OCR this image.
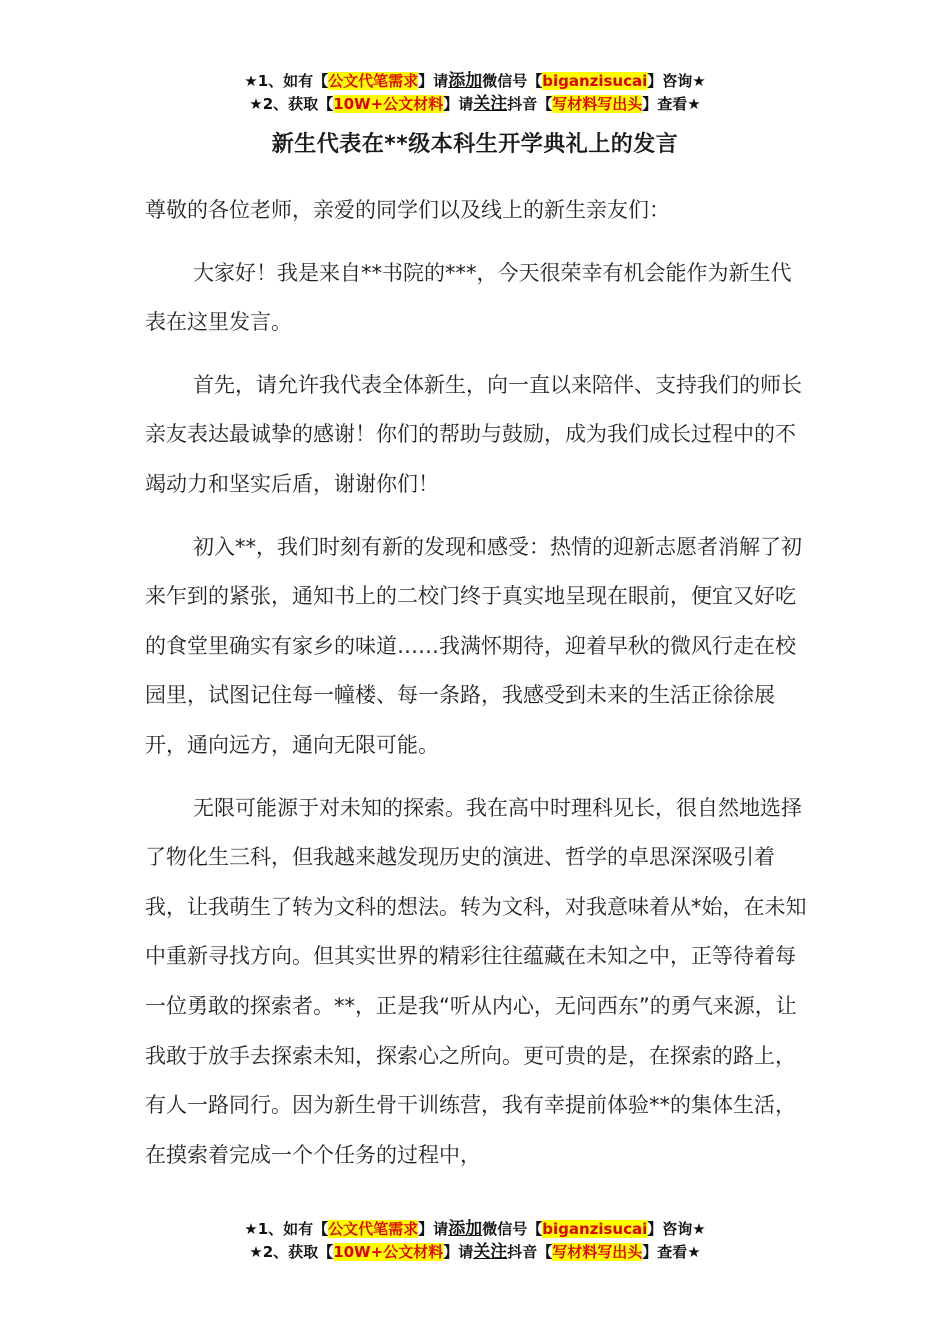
★1、如有【公文代笔需求】请添加微信号【biganzisucai】咨询★
★2、获取【10W+公文材料】请关注抖音【写材料写出头】查看★
新生代表在**级本科生开学典礼上的发言

尊敬的各位老师，亲爱的同学们以及线上的新生亲友们：

大家好！我是来自**书院的***，今天很荣幸有机会能作为新生代表在这里发言。

首先，请允许我代表全体新生，向一直以来陪伴、支持我们的师长亲友表达最诚挚的感谢！你们的帮助与鼓励，成为我们成长过程中的不竭动力和坚实后盾，谢谢你们！

初入**，我们时刻有新的发现和感受：热情的迎新志愿者消解了初来乍到的紧张，通知书上的二校门终于真实地呈现在眼前，便宜又好吃的食堂里确实有家乡的味道……我满怀期待，迎着早秋的微风行走在校园里，试图记住每一幢楼、每一条路，我感受到未来的生活正徐徐展开，通向远方，通向无限可能。

无限可能源于对未知的探索。我在高中时理科见长，很自然地选择了物化生三科，但我越来越发现历史的演进、哲学的卓思深深吸引着我，让我萌生了转为文科的想法。转为文科，对我意味着从*始，在未知中重新寻找方向。但其实世界的精彩往往蕴藏在未知之中，正等待着每一位勇敢的探索者。**，正是我“听从内心，无问西东”的勇气来源，让我敢于放手去探索未知，探索心之所向。更可贵的是，在探索的路上，有人一路同行。因为新生骨干训练营，我有幸提前体验**的集体生活，在摸索着完成一个个任务的过程中，

★1、如有【公文代笔需求】请添加微信号【biganzisucai】咨询★
★2、获取【10W+公文材料】请关注抖音【写材料写出头】查看★
